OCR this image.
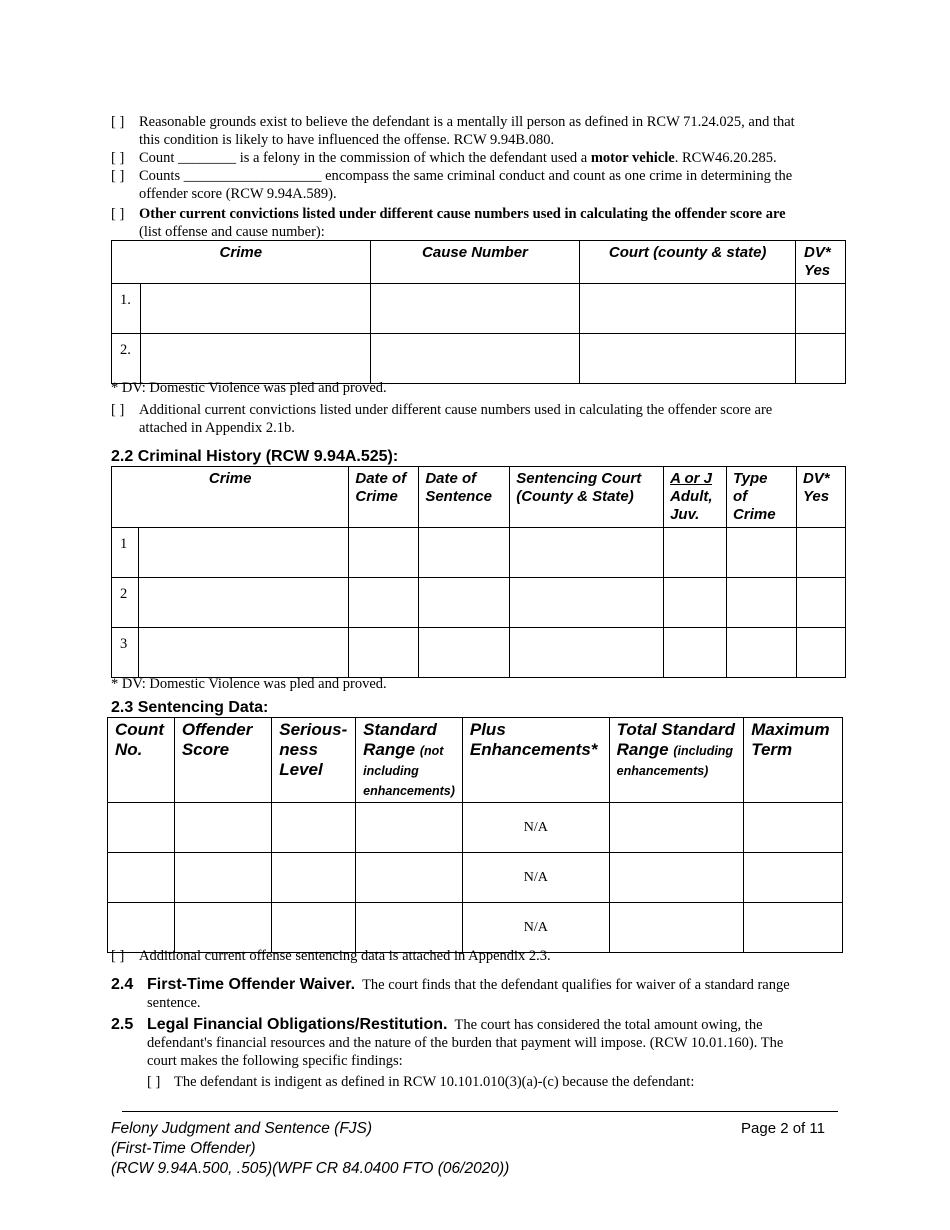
[ ] Reasonable grounds exist to believe the defendant is a mentally ill person as defined in RCW 71.24.025, and that
this condition is likely to have influenced the offense. RCW 9.94B.080.
[ ] Count ________ is a felony in the commission of which the defendant used a motor vehicle. RCW46.20.285.
[ ] Counts ___________________ encompass the same criminal conduct and count as one crime in determining the
offender score (RCW 9.94A.589).
[ ] Other current convictions listed under different cause numbers used in calculating the offender score are
(list offense and cause number):
Crime		Cause Number	Court (county & state)	DV*
Yes
1.				
2.				
* DV: Domestic Violence was pled and proved.
[ ] Additional current convictions listed under different cause numbers used in calculating the offender score are
attached in Appendix 2.1b.
2.2 Criminal History (RCW 9.94A.525):
Crime		Date of
Crime	Date of
Sentence	Sentencing Court
(County & State)	A or J
Adult,
Juv.	Type
of
Crime	DV*
Yes
1							
2							
3							
* DV: Domestic Violence was pled and proved.
2.3 Sentencing Data:
Count
No.	Offender
Score	Serious-
ness
Level	Standard
Range (not
including
enhancements)	Plus
Enhancements*	Total Standard
Range (including
enhancements)	Maximum
Term
				N/A		
				N/A		
				N/A		
[ ] Additional current offense sentencing data is attached in Appendix 2.3.
2.4 First-Time Offender Waiver. The court finds that the defendant qualifies for waiver of a standard range
sentence.
2.5 Legal Financial Obligations/Restitution. The court has considered the total amount owing, the
defendant's financial resources and the nature of the burden that payment will impose. (RCW 10.01.160). The
court makes the following specific findings:
[ ] The defendant is indigent as defined in RCW 10.101.010(3)(a)-(c) because the defendant:
Felony Judgment and Sentence (FJS)
(First-Time Offender)
(RCW 9.94A.500, .505)(WPF CR 84.0400 FTO (06/2020))
Page 2 of 11
